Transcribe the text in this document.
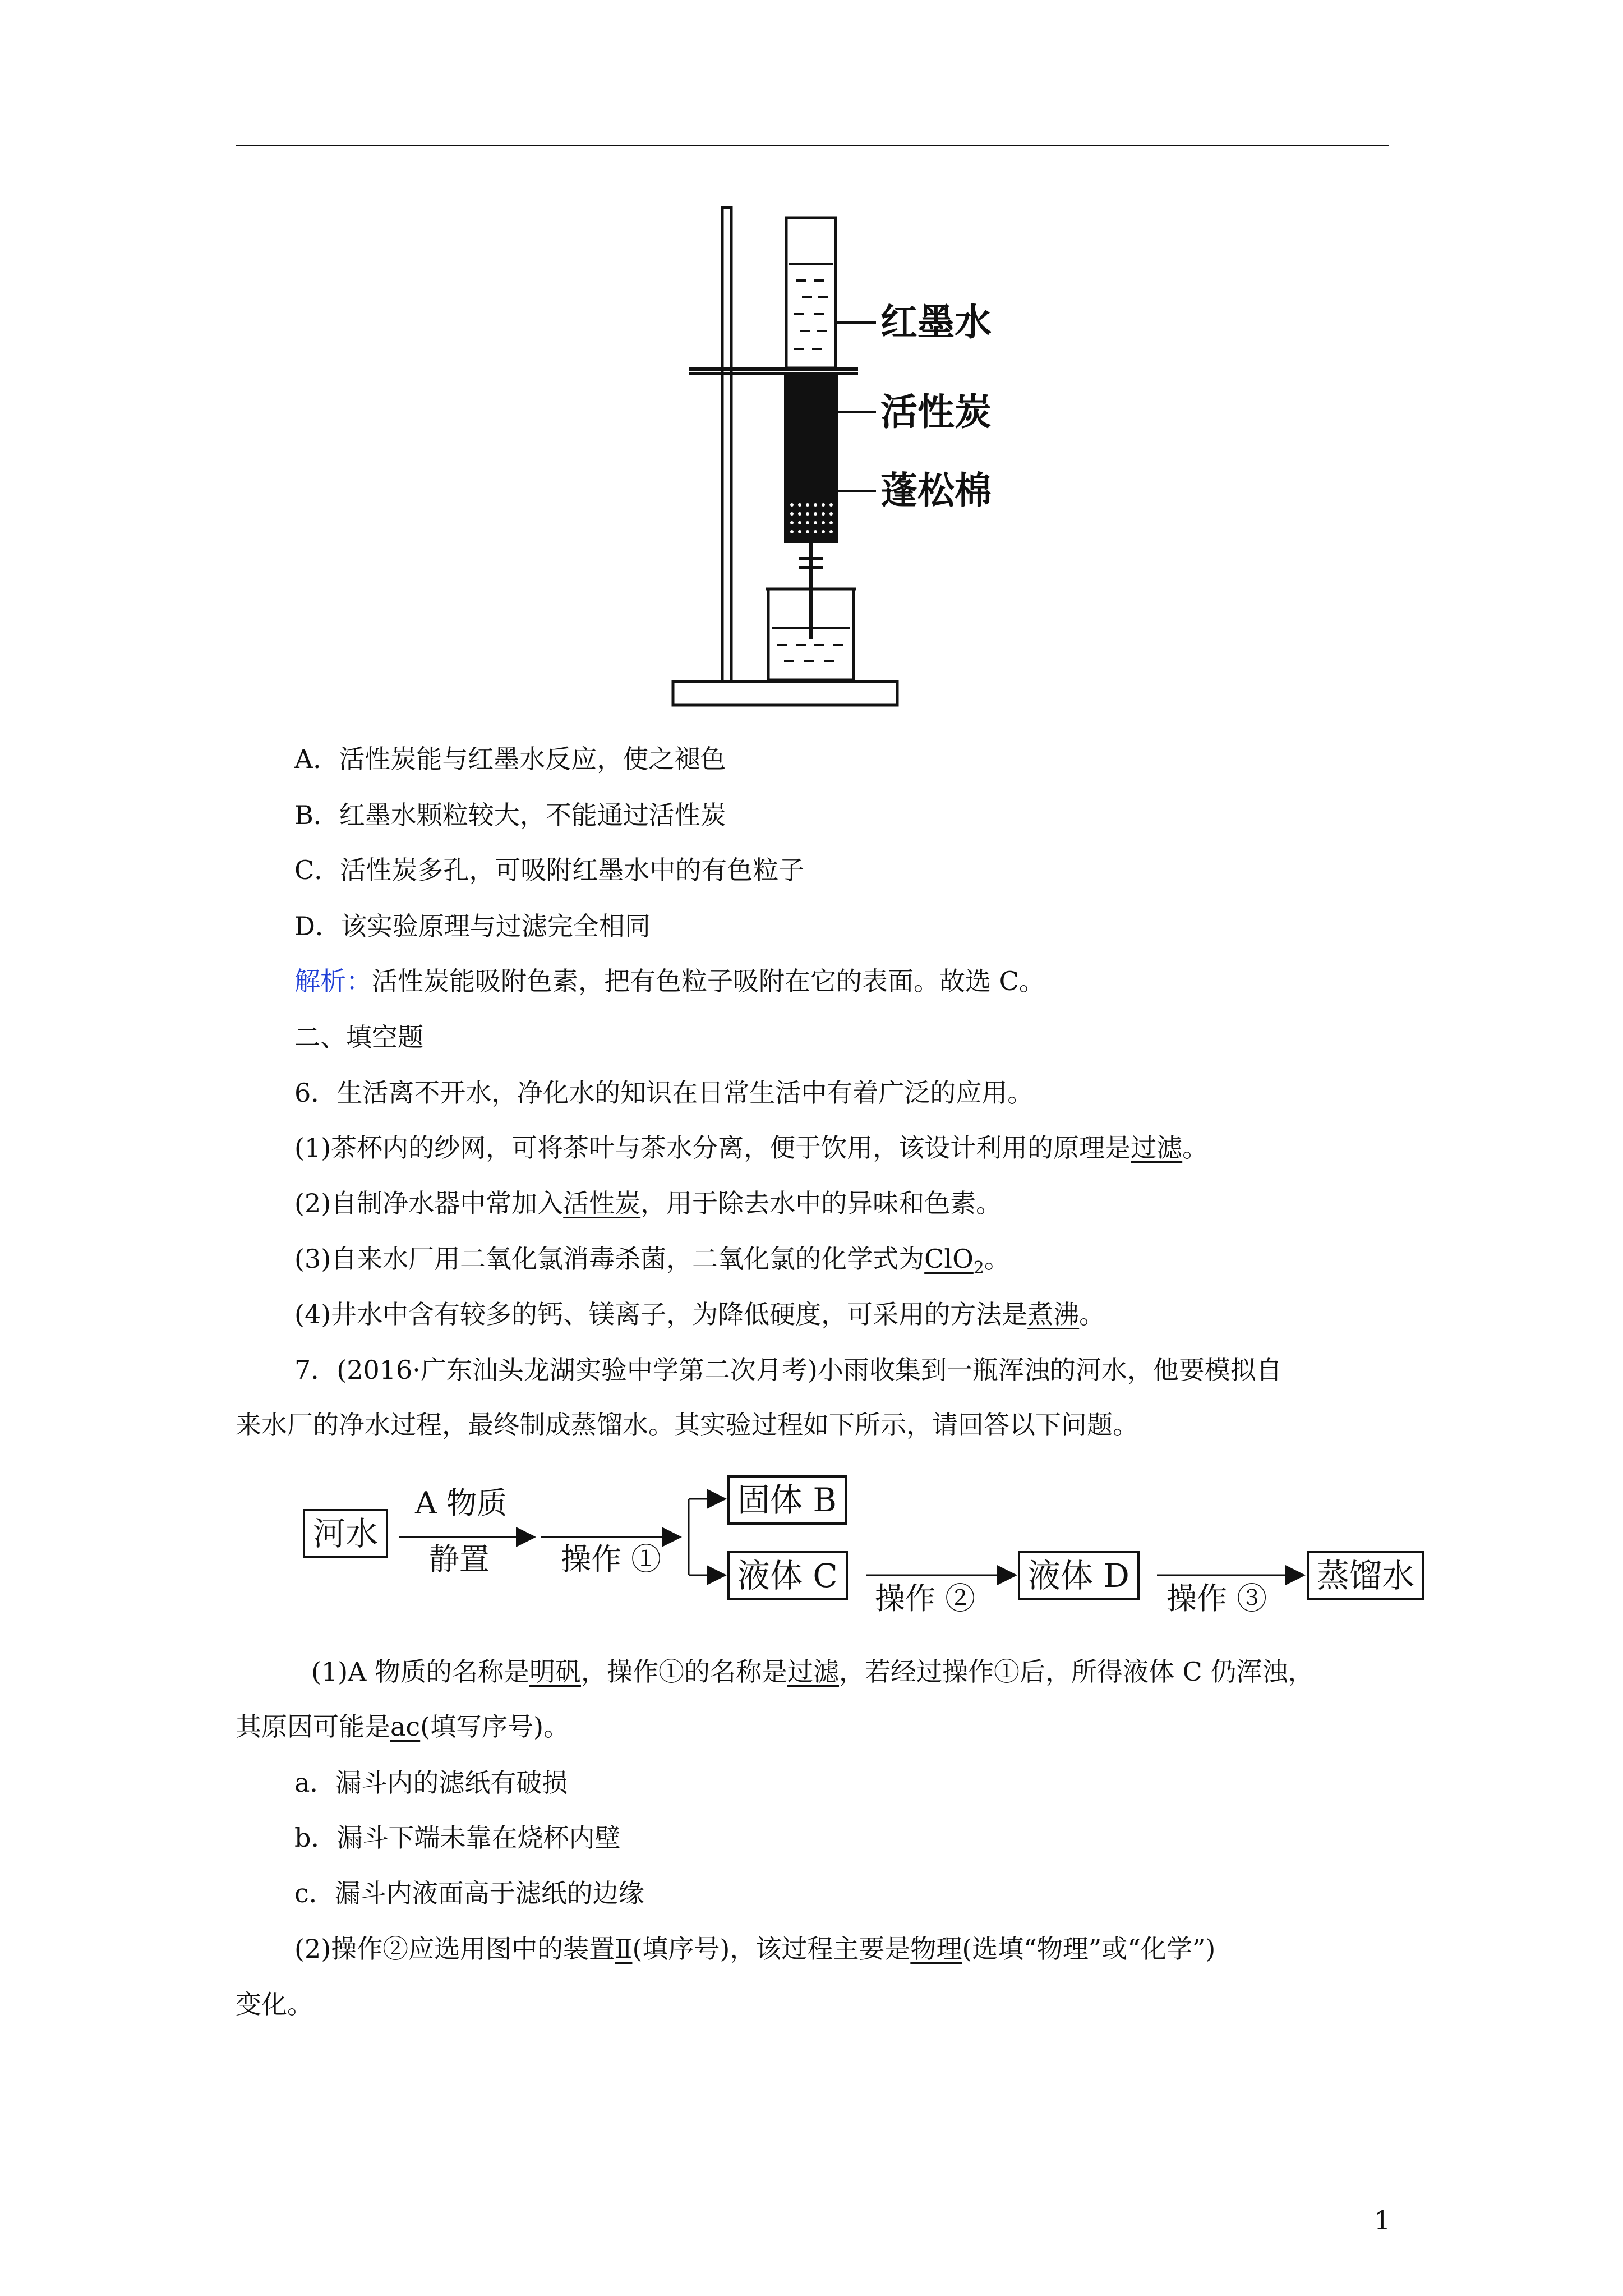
红墨水
活性炭
蓬松棉
A．活性炭能与红墨水反应，使之褪色
B．红墨水颗粒较大，不能通过活性炭
C．活性炭多孔，可吸附红墨水中的有色粒子
D．该实验原理与过滤完全相同
解析：活性炭能吸附色素，把有色粒子吸附在它的表面。故选 C。
二、填空题
6．生活离不开水，净化水的知识在日常生活中有着广泛的应用。
(1)茶杯内的纱网，可将茶叶与茶水分离，便于饮用，该设计利用的原理是过滤。
(2)自制净水器中常加入活性炭，用于除去水中的异味和色素。
(3)自来水厂用二氧化氯消毒杀菌，二氧化氯的化学式为ClO$_2$。
(4)井水中含有较多的钙、镁离子，为降低硬度，可采用的方法是煮沸。
7．(2016·广东汕头龙湖实验中学第二次月考)小雨收集到一瓶浑浊的河水，他要模拟自
来水厂的净水过程，最终制成蒸馏水。其实验过程如下所示，请回答以下问题。
河水
A 物质
静置 操作 ①
固体 B
液体 C
操作 ②
液体 D
操作 ③
蒸馏水
(1)A 物质的名称是明矾，操作①的名称是过滤，若经过操作①后，所得液体 C 仍浑浊，
其原因可能是ac(填写序号)。
a．漏斗内的滤纸有破损
b．漏斗下端未靠在烧杯内壁
c．漏斗内液面高于滤纸的边缘
(2)操作②应选用图中的装置Ⅱ(填序号)，该过程主要是物理(选填“物理”或“化学”)
变化。
1
